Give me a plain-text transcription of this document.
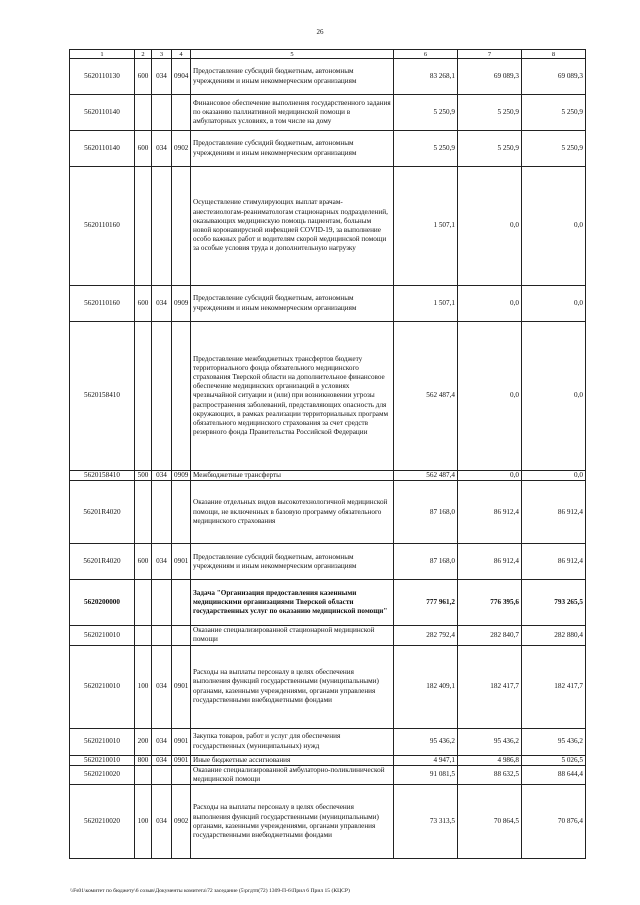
26
1	2	3	4	5	6	7	8
5620110130	600	034	0904	Предоставление субсидий бюджетным, автономным учреждениям и иным некоммерческим организациям	83 268,1	69 089,3	69 089,3
5620110140				Финансовое обеспечение выполнения государственного задания по оказанию паллиативной медицинской помощи в амбулаторных условиях, в том числе на дому	5 250,9	5 250,9	5 250,9
5620110140	600	034	0902	Предоставление субсидий бюджетным, автономным учреждениям и иным некоммерческим организациям	5 250,9	5 250,9	5 250,9
5620110160				Осуществление стимулирующих выплат врачам-анестезиологам-реаниматологам стационарных подразделений, оказывающих медицинскую помощь пациентам, больным новой коронавирусной инфекцией COVID-19, за выполнение особо важных работ и водителям скорой медицинской помощи за особые условия труда и дополнительную нагрузку	1 507,1	0,0	0,0
5620110160	600	034	0909	Предоставление субсидий бюджетным, автономным учреждениям и иным некоммерческим организациям	1 507,1	0,0	0,0
5620158410				Предоставление межбюджетных трансфертов бюджету территориального фонда обязательного медицинского страхования Тверской области на дополнительное финансовое обеспечение медицинских организаций в условиях чрезвычайной ситуации и (или) при возникновении угрозы распространения заболеваний, представляющих опасность для окружающих, в рамках реализации территориальных программ обязательного медицинского страхования за счет средств резервного фонда Правительства Российской Федерации	562 487,4	0,0	0,0
5620158410	500	034	0909	Межбюджетные трансферты	562 487,4	0,0	0,0
56201R4020				Оказание отдельных видов высокотехнологичной медицинской помощи, не включенных в базовую программу обязательного медицинского страхования	87 168,0	86 912,4	86 912,4
56201R4020	600	034	0901	Предоставление субсидий бюджетным, автономным учреждениям и иным некоммерческим организациям	87 168,0	86 912,4	86 912,4
5620200000				Задача "Организация предоставления казенными медицинскими организациями Тверской области государственных услуг по оказанию медицинской помощи"	777 961,2	776 395,6	793 265,5
5620210010				Оказание специализированной стационарной медицинской помощи	282 792,4	282 840,7	282 880,4
5620210010	100	034	0901	Расходы на выплаты персоналу в целях обеспечения выполнения функций государственными (муниципальными) органами, казенными учреждениями, органами управления государственными внебюджетными фондами	182 409,1	182 417,7	182 417,7
5620210010	200	034	0901	Закупка товаров, работ и услуг для обеспечения государственных (муниципальных) нужд	95 436,2	95 436,2	95 436,2
5620210010	800	034	0901	Иные бюджетные ассигнования	4 947,1	4 986,8	5 026,5
5620210020				Оказание специализированной амбулаторно-поликлинической медицинской помощи	91 081,5	88 632,5	88 644,4
5620210020	100	034	0902	Расходы на выплаты персоналу в целях обеспечения выполнения функций государственными (муниципальными) органами, казенными учреждениями, органами управления государственными внебюджетными фондами	73 313,5	70 864,5	70 876,4
\\Fs01\комитет по бюджету\6 созыв\Документы комитета\72 заседание (5\ргдтп(72) 1309-П-6\Прил 6 Прил 15 (КЦСР)
